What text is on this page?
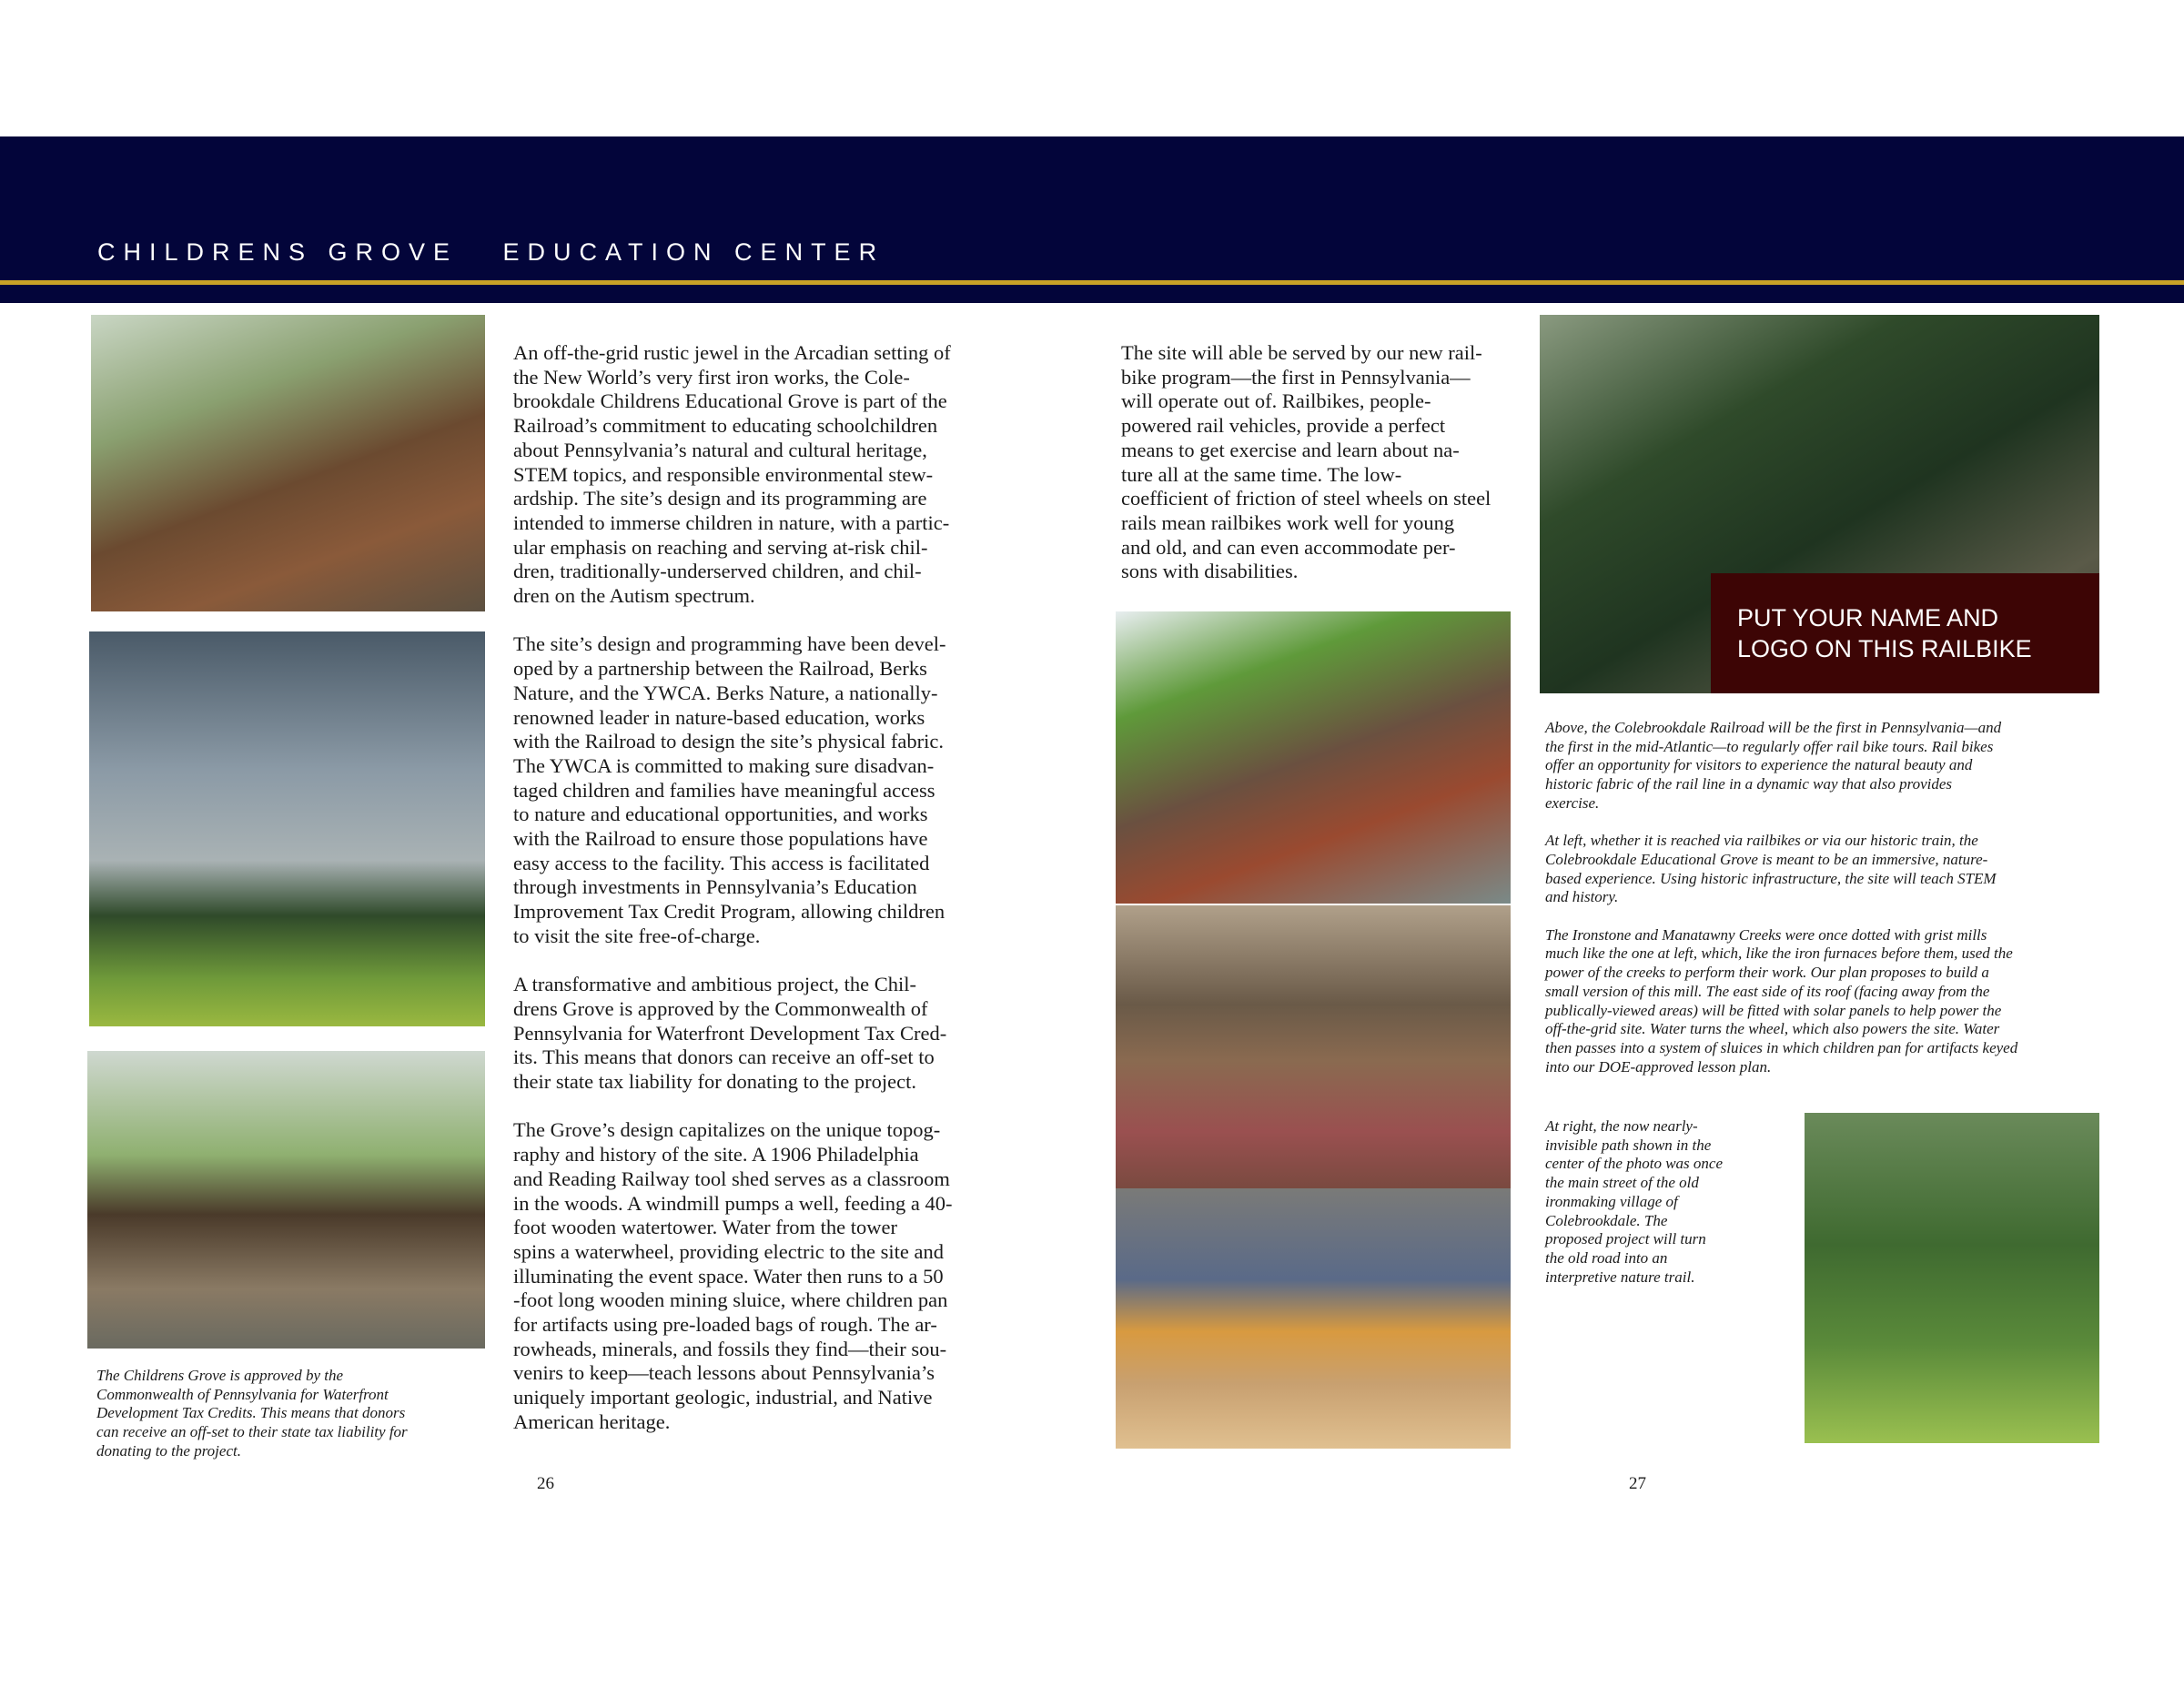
CHILDRENS GROVE   EDUCATION CENTER
The Childrens Grove is approved by the
Commonwealth of Pennsylvania for Waterfront
Development Tax Credits. This means that donors
can receive an off-set to their state tax liability for
donating to the project.
An off-the-grid rustic jewel in the Arcadian setting of
the New World’s very first iron works, the Cole-
brookdale Childrens Educational Grove is part of the
Railroad’s commitment to educating schoolchildren
about Pennsylvania’s natural and cultural heritage,
STEM topics, and responsible environmental stew-
ardship. The site’s design and its programming are
intended to immerse children in nature, with a partic-
ular emphasis on reaching and serving at-risk chil-
dren, traditionally-underserved children, and chil-
dren on the Autism spectrum.
The site’s design and programming have been devel-
oped by a partnership between the Railroad, Berks
Nature, and the YWCA. Berks Nature, a nationally-
renowned leader in nature-based education, works
with the Railroad to design the site’s physical fabric.
The YWCA is committed to making sure disadvan-
taged children and families have meaningful access
to nature and educational opportunities, and works
with the Railroad to ensure those populations have
easy access to the facility. This access is facilitated
through investments in Pennsylvania’s Education
Improvement Tax Credit Program, allowing children
to visit the site free-of-charge.
A transformative and ambitious project, the Chil-
drens Grove is approved by the Commonwealth of
Pennsylvania for Waterfront Development Tax Cred-
its. This means that donors can receive an off-set to
their state tax liability for donating to the project.
The Grove’s design capitalizes on the unique topog-
raphy and history of the site. A 1906 Philadelphia
and Reading Railway tool shed serves as a classroom
in the woods. A windmill pumps a well, feeding a 40-
foot wooden watertower. Water from the tower
spins a waterwheel, providing electric to the site and
illuminating the event space. Water then runs to a 50
-foot long wooden mining sluice, where children pan
for artifacts using pre-loaded bags of rough. The ar-
rowheads, minerals, and fossils they find—their sou-
venirs to keep—teach lessons about Pennsylvania’s
uniquely important geologic, industrial, and Native
American heritage.
26
The site will able be served by our new rail-
bike program—the first in Pennsylvania—
will operate out of. Railbikes, people-
powered rail vehicles, provide a perfect
means to get exercise and learn about na-
ture all at the same time. The low-
coefficient of friction of steel wheels on steel
rails mean railbikes work well for young
and old, and can even accommodate per-
sons with disabilities.
PUT YOUR NAME AND
LOGO ON THIS RAILBIKE
Above, the Colebrookdale Railroad will be the first in Pennsylvania—and
the first in the mid-Atlantic—to regularly offer rail bike tours. Rail bikes
offer an opportunity for visitors to experience the natural beauty and
historic fabric of the rail line in a dynamic way that also provides
exercise.
At left, whether it is reached via railbikes or via our historic train, the
Colebrookdale Educational Grove is meant to be an immersive, nature-
based experience. Using historic infrastructure, the site will teach STEM
and history.
The Ironstone and Manatawny Creeks were once dotted with grist mills
much like the one at left, which, like the iron furnaces before them, used the
power of the creeks to perform their work. Our plan proposes to build a
small version of this mill. The east side of its roof (facing away from the
publically-viewed areas) will be fitted with solar panels to help power the
off-the-grid site. Water turns the wheel, which also powers the site. Water
then passes into a system of sluices in which children pan for artifacts keyed
into our DOE-approved lesson plan.
At right, the now nearly-
invisible path shown in the
center of the photo was once
the main street of the old
ironmaking village of
Colebrookdale. The
proposed project will turn
the old road into an
interpretive nature trail.
27
